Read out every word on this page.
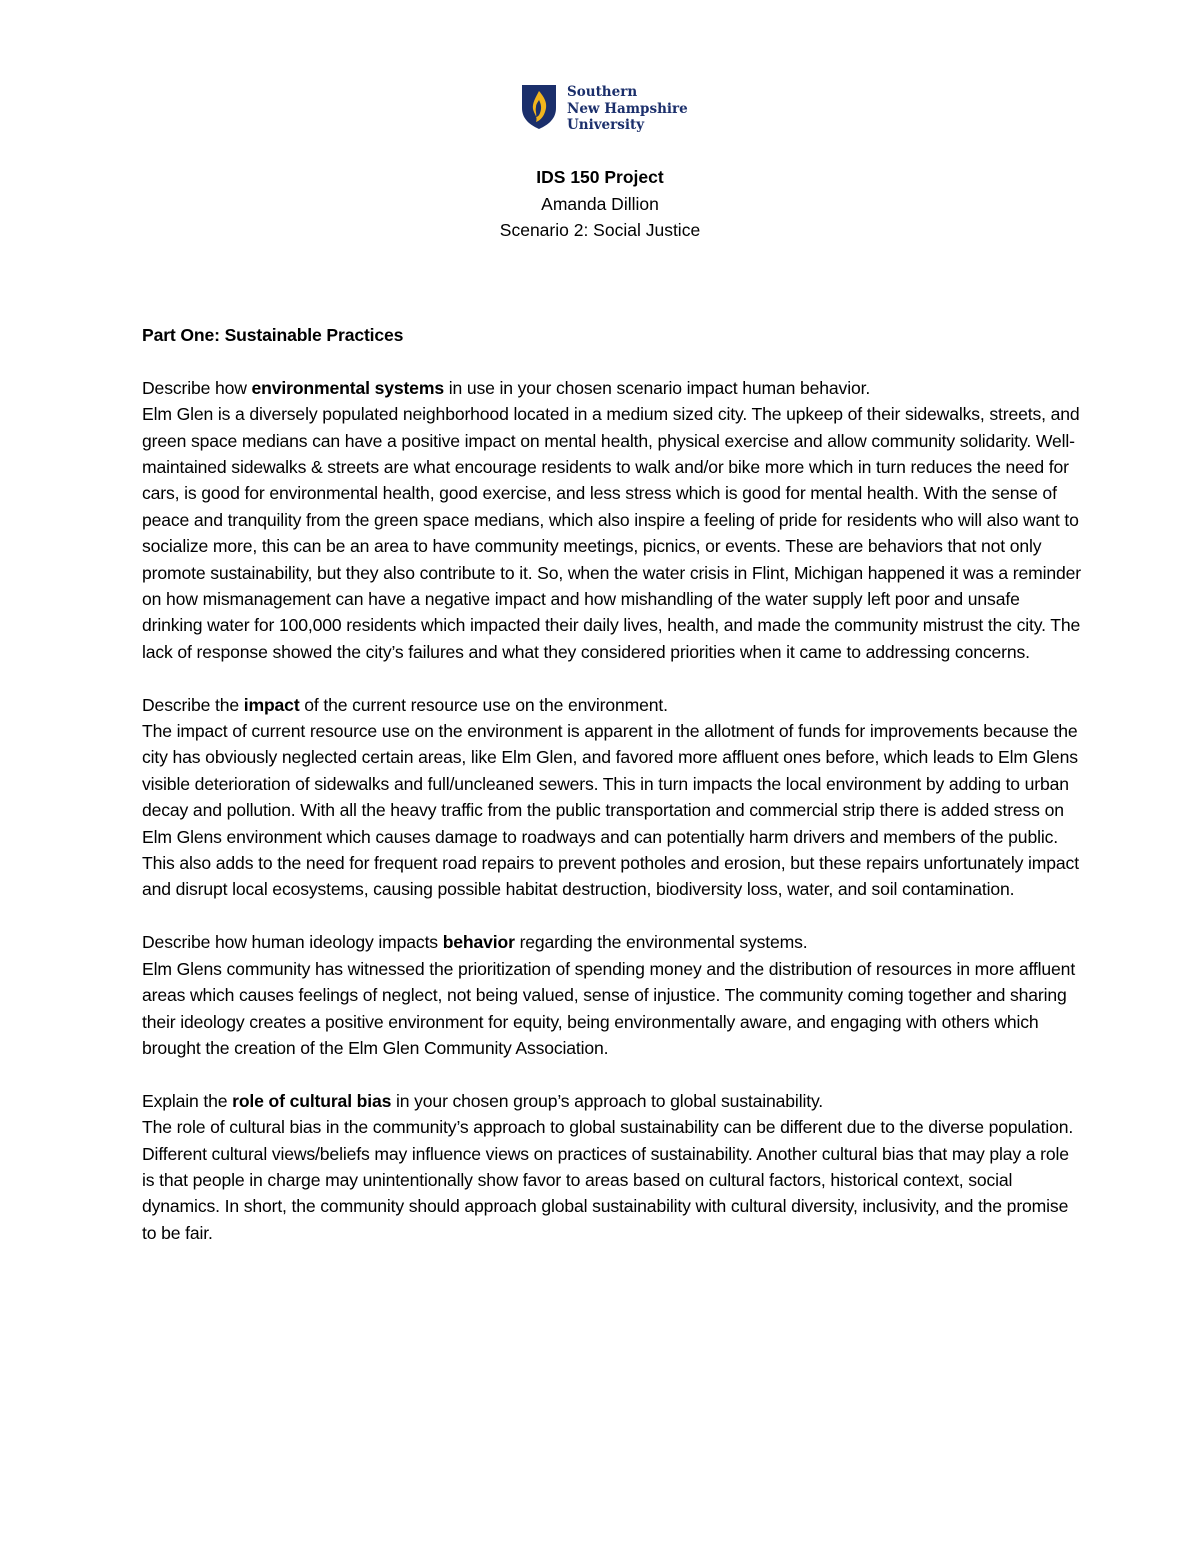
Southern
New Hampshire
University
IDS 150 Project
Amanda Dillion
Scenario 2: Social Justice
Part One: Sustainable Practices
Describe how environmental systems in use in your chosen scenario impact human behavior.
Elm Glen is a diversely populated neighborhood located in a medium sized city. The upkeep of their sidewalks, streets, and green space medians can have a positive impact on mental health, physical exercise and allow community solidarity. Well-maintained sidewalks & streets are what encourage residents to walk and/or bike more which in turn reduces the need for cars, is good for environmental health, good exercise, and less stress which is good for mental health. With the sense of peace and tranquility from the green space medians, which also inspire a feeling of pride for residents who will also want to socialize more, this can be an area to have community meetings, picnics, or events. These are behaviors that not only promote sustainability, but they also contribute to it. So, when the water crisis in Flint, Michigan happened it was a reminder on how mismanagement can have a negative impact and how mishandling of the water supply left poor and unsafe drinking water for 100,000 residents which impacted their daily lives, health, and made the community mistrust the city. The lack of response showed the city’s failures and what they considered priorities when it came to addressing concerns.
Describe the impact of the current resource use on the environment.
The impact of current resource use on the environment is apparent in the allotment of funds for improvements because the city has obviously neglected certain areas, like Elm Glen, and favored more affluent ones before, which leads to Elm Glens visible deterioration of sidewalks and full/uncleaned sewers. This in turn impacts the local environment by adding to urban decay and pollution. With all the heavy traffic from the public transportation and commercial strip there is added stress on Elm Glens environment which causes damage to roadways and can potentially harm drivers and members of the public. This also adds to the need for frequent road repairs to prevent potholes and erosion, but these repairs unfortunately impact and disrupt local ecosystems, causing possible habitat destruction, biodiversity loss, water, and soil contamination.
Describe how human ideology impacts behavior regarding the environmental systems.
Elm Glens community has witnessed the prioritization of spending money and the distribution of resources in more affluent areas which causes feelings of neglect, not being valued, sense of injustice. The community coming together and sharing their ideology creates a positive environment for equity, being environmentally aware, and engaging with others which brought the creation of the Elm Glen Community Association.
Explain the role of cultural bias in your chosen group’s approach to global sustainability.
The role of cultural bias in the community’s approach to global sustainability can be different due to the diverse population. Different cultural views/beliefs may influence views on practices of sustainability. Another cultural bias that may play a role is that people in charge may unintentionally show favor to areas based on cultural factors, historical context, social dynamics. In short, the community should approach global sustainability with cultural diversity, inclusivity, and the promise to be fair.
